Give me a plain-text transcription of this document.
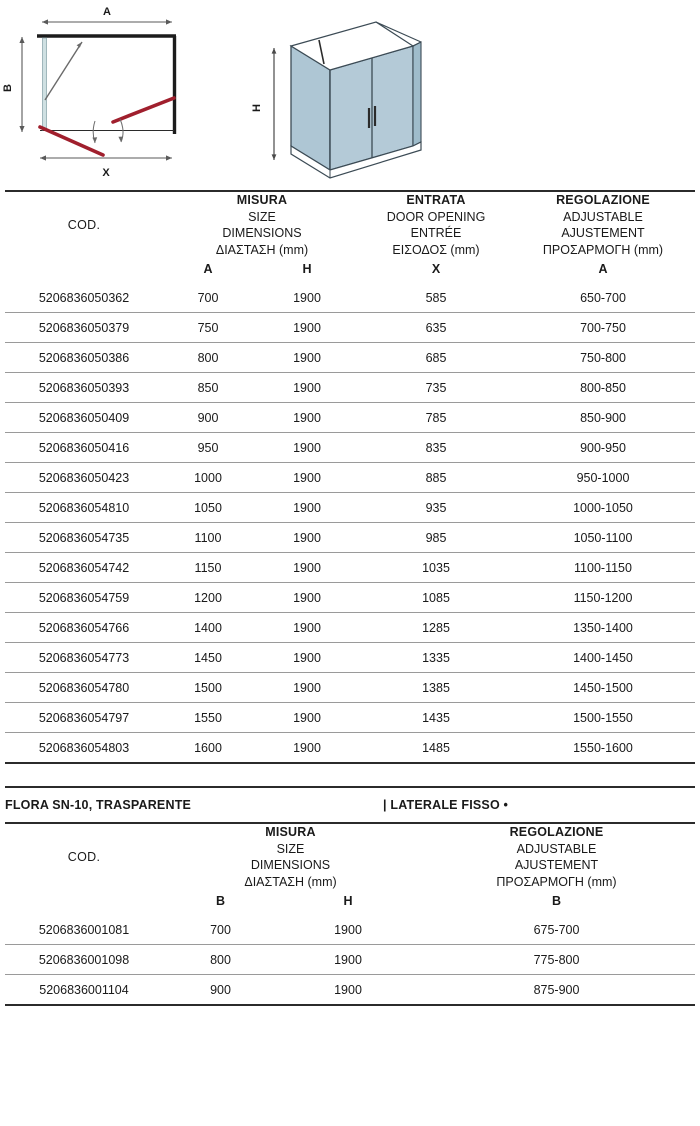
A
B
X
H
COD.	
MISURA
SIZE
DIMENSIONS
ΔΙΑΣΤΑΣΗ (mm)

ENTRATA
DOOR OPENING
ENTRÉE
ΕΙΣΟΔΟΣ (mm)

REGOLAZIONE
ADJUSTABLE
AJUSTEMENT
ΠΡΟΣΑΡΜΟΓΗ (mm)

	A	H	X	A
5206836050362	700	1900	585	650-700
5206836050379	750	1900	635	700-750
5206836050386	800	1900	685	750-800
5206836050393	850	1900	735	800-850
5206836050409	900	1900	785	850-900
5206836050416	950	1900	835	900-950
5206836050423	1000	1900	885	950-1000
5206836054810	1050	1900	935	1000-1050
5206836054735	1100	1900	985	1050-1100
5206836054742	1150	1900	1035	1100-1150
5206836054759	1200	1900	1085	1150-1200
5206836054766	1400	1900	1285	1350-1400
5206836054773	1450	1900	1335	1400-1450
5206836054780	1500	1900	1385	1450-1500
5206836054797	1550	1900	1435	1500-1550
5206836054803	1600	1900	1485	1550-1600
FLORA SN-10, TRASPARENTE	| LATERALE FISSO •
COD.	
MISURA
SIZE
DIMENSIONS
ΔΙΑΣΤΑΣΗ (mm)

REGOLAZIONE
ADJUSTABLE
AJUSTEMENT
ΠΡΟΣΑΡΜΟΓΗ (mm)

	B	H	B
5206836001081	700	1900	675-700
5206836001098	800	1900	775-800
5206836001104	900	1900	875-900
